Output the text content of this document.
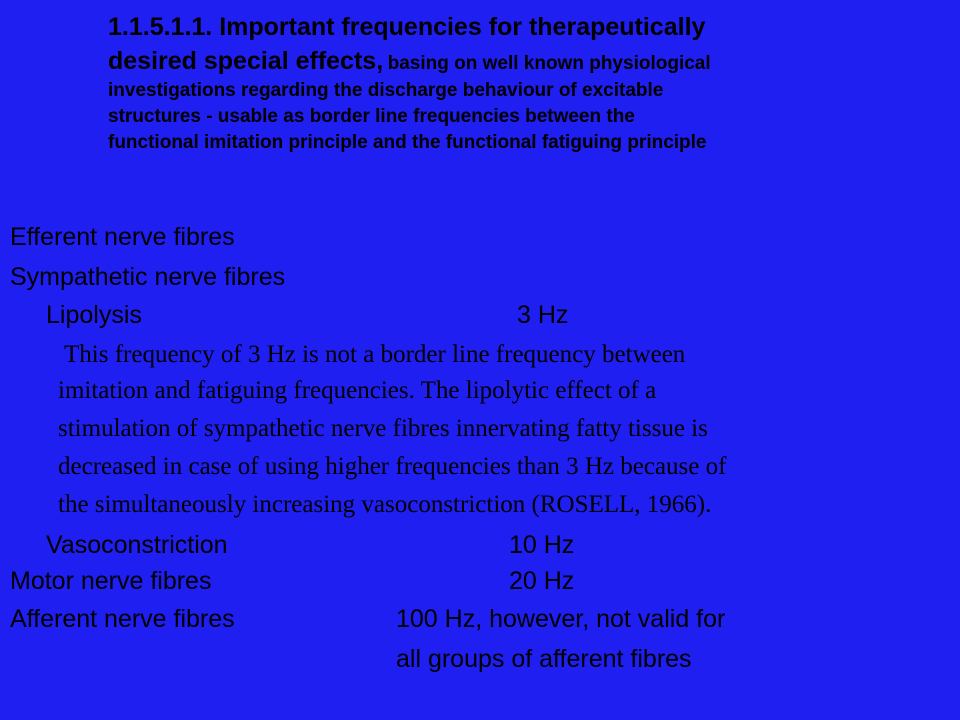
1.1.5.1.1. Important frequencies for therapeutically
desired special effects, basing on well known physiological
investigations regarding the discharge behaviour of excitable
structures - usable as border line frequencies between the
functional imitation principle and the functional fatiguing principle
Efferent nerve fibres
Sympathetic nerve fibres
Lipolysis	3 Hz
This frequency of 3 Hz is not a border line frequency between
imitation and fatiguing frequencies. The lipolytic effect of a
stimulation of sympathetic nerve fibres innervating fatty tissue is
decreased in case of using higher frequencies than 3 Hz because of
the simultaneously increasing vasoconstriction (ROSELL, 1966).
Vasoconstriction	10 Hz
Motor nerve fibres	20 Hz
Afferent nerve fibres	100 Hz, however, not valid for
all groups of afferent fibres
